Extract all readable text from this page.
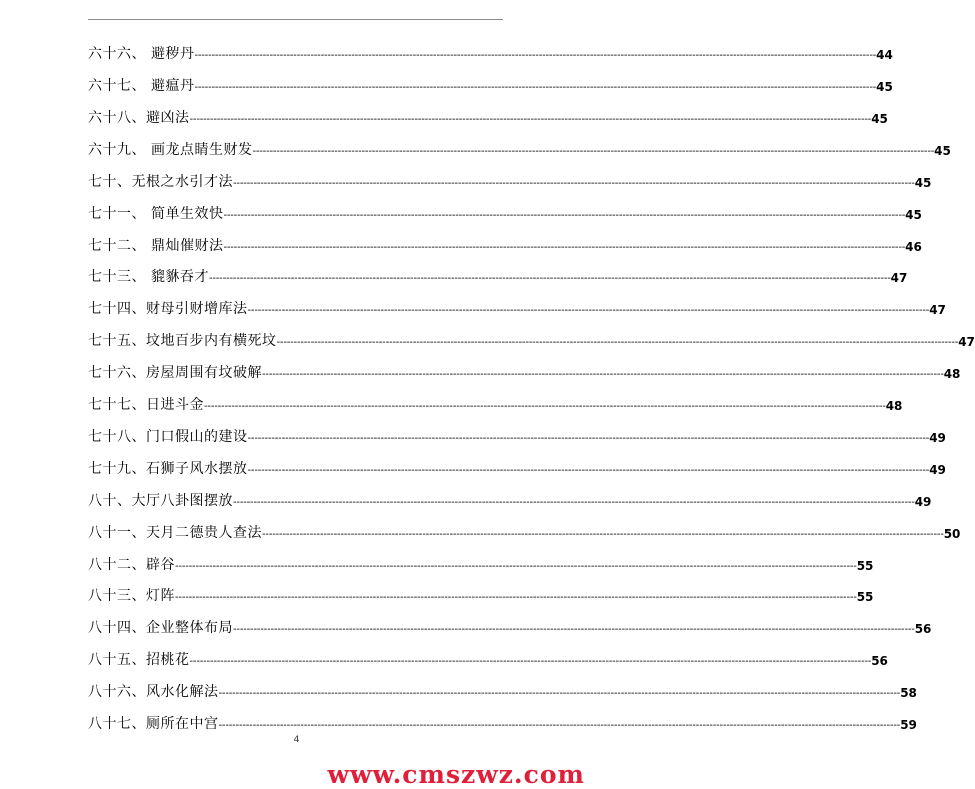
六十六、 避秽丹 -------------------------------------------------------------------------------------------------------------------------------------------------------------------------------------------------------- 44
六十七、 避瘟丹 -------------------------------------------------------------------------------------------------------------------------------------------------------------------------------------------------------- 45
六十八、避凶法 -------------------------------------------------------------------------------------------------------------------------------------------------------------------------------------------------------- 45
六十九、 画龙点睛生财发 -------------------------------------------------------------------------------------------------------------------------------------------------------------------------------------------------------- 45
七十、无根之水引才法 -------------------------------------------------------------------------------------------------------------------------------------------------------------------------------------------------------- 45
七十一、 简单生效快 -------------------------------------------------------------------------------------------------------------------------------------------------------------------------------------------------------- 45
七十二、 鼎灿催财法 -------------------------------------------------------------------------------------------------------------------------------------------------------------------------------------------------------- 46
七十三、 貔貅吞才 -------------------------------------------------------------------------------------------------------------------------------------------------------------------------------------------------------- 47
七十四、财母引财增库法 -------------------------------------------------------------------------------------------------------------------------------------------------------------------------------------------------------- 47
七十五、坟地百步内有横死坟 -------------------------------------------------------------------------------------------------------------------------------------------------------------------------------------------------------- 47
七十六、房屋周围有坟破解 -------------------------------------------------------------------------------------------------------------------------------------------------------------------------------------------------------- 48
七十七、日进斗金 -------------------------------------------------------------------------------------------------------------------------------------------------------------------------------------------------------- 48
七十八、门口假山的建设 -------------------------------------------------------------------------------------------------------------------------------------------------------------------------------------------------------- 49
七十九、石狮子风水摆放 -------------------------------------------------------------------------------------------------------------------------------------------------------------------------------------------------------- 49
八十、大厅八卦图摆放 -------------------------------------------------------------------------------------------------------------------------------------------------------------------------------------------------------- 49
八十一、天月二德贵人查法 -------------------------------------------------------------------------------------------------------------------------------------------------------------------------------------------------------- 50
八十二、辟谷 -------------------------------------------------------------------------------------------------------------------------------------------------------------------------------------------------------- 55
八十三、灯阵 -------------------------------------------------------------------------------------------------------------------------------------------------------------------------------------------------------- 55
八十四、企业整体布局 -------------------------------------------------------------------------------------------------------------------------------------------------------------------------------------------------------- 56
八十五、招桃花 -------------------------------------------------------------------------------------------------------------------------------------------------------------------------------------------------------- 56
八十六、风水化解法 -------------------------------------------------------------------------------------------------------------------------------------------------------------------------------------------------------- 58
八十七、厕所在中宫 -------------------------------------------------------------------------------------------------------------------------------------------------------------------------------------------------------- 59
4
www.cmszwz.com
